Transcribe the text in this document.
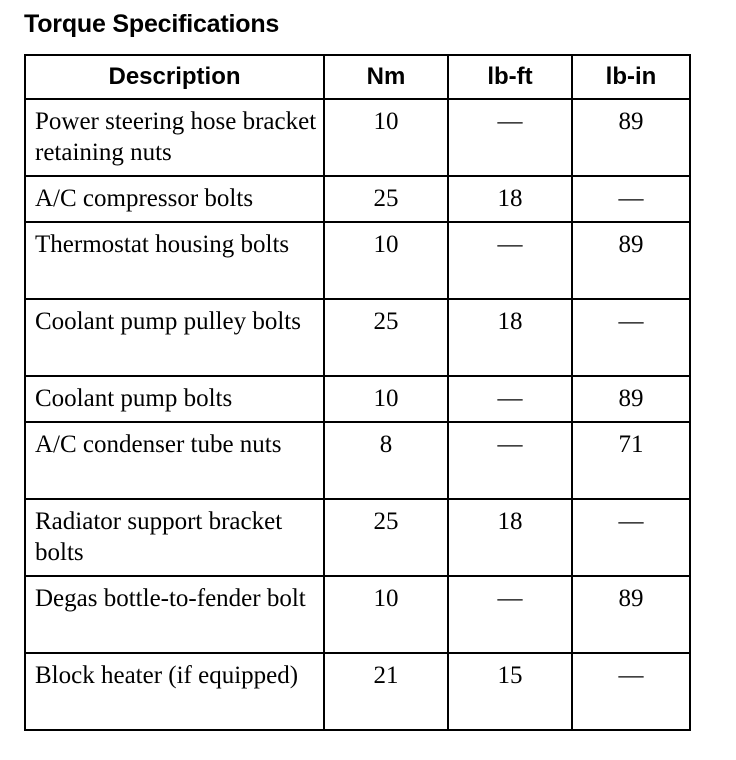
Torque Specifications
Description	Nm	lb-ft	lb-in
Power steering hose bracket retaining nuts	10	—	89
A/C compressor bolts	25	18	—
Thermostat housing bolts	10	—	89
Coolant pump pulley bolts	25	18	—
Coolant pump bolts	10	—	89
A/C condenser tube nuts	8	—	71
Radiator support bracket bolts	25	18	—
Degas bottle-to-fender bolt	10	—	89
Block heater (if equipped)	21	15	—
